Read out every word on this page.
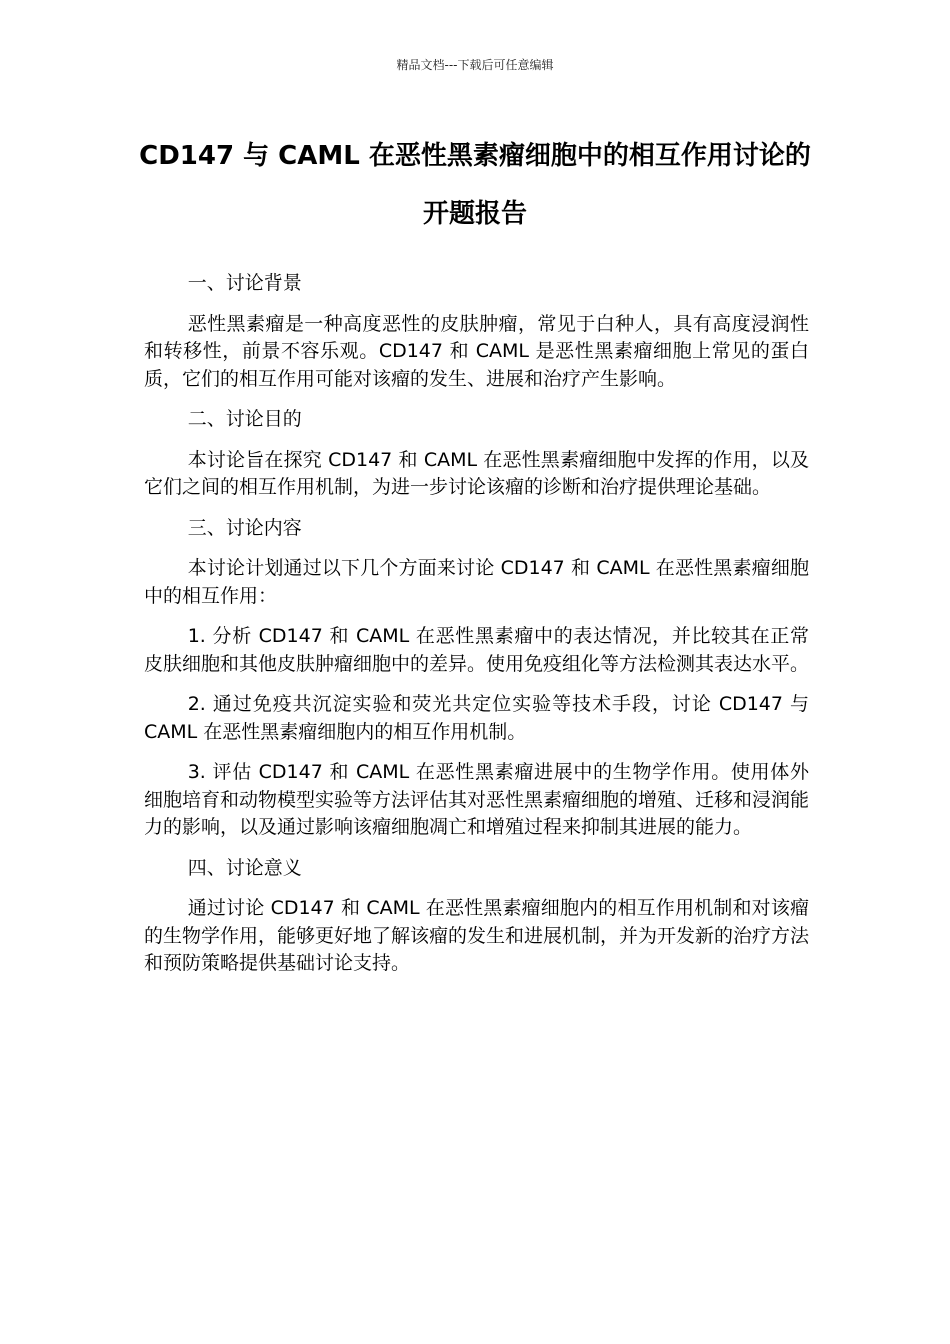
精品文档---下载后可任意编辑
CD147 与 CAML 在恶性黑素瘤细胞中的相互作用讨论的开题报告

一、讨论背景

恶性黑素瘤是一种高度恶性的皮肤肿瘤，常见于白种人，具有高度浸润性和转移性，前景不容乐观。CD147 和 CAML 是恶性黑素瘤细胞上常见的蛋白质，它们的相互作用可能对该瘤的发生、进展和治疗产生影响。

二、讨论目的

本讨论旨在探究 CD147 和 CAML 在恶性黑素瘤细胞中发挥的作用，以及它们之间的相互作用机制，为进一步讨论该瘤的诊断和治疗提供理论基础。

三、讨论内容

本讨论计划通过以下几个方面来讨论 CD147 和 CAML 在恶性黑素瘤细胞中的相互作用：

1. 分析 CD147 和 CAML 在恶性黑素瘤中的表达情况，并比较其在正常皮肤细胞和其他皮肤肿瘤细胞中的差异。使用免疫组化等方法检测其表达水平。

2. 通过免疫共沉淀实验和荧光共定位实验等技术手段，讨论 CD147 与 CAML 在恶性黑素瘤细胞内的相互作用机制。

3. 评估 CD147 和 CAML 在恶性黑素瘤进展中的生物学作用。使用体外细胞培育和动物模型实验等方法评估其对恶性黑素瘤细胞的增殖、迁移和浸润能力的影响，以及通过影响该瘤细胞凋亡和增殖过程来抑制其进展的能力。

四、讨论意义

通过讨论 CD147 和 CAML 在恶性黑素瘤细胞内的相互作用机制和对该瘤的生物学作用，能够更好地了解该瘤的发生和进展机制，并为开发新的治疗方法和预防策略提供基础讨论支持。
